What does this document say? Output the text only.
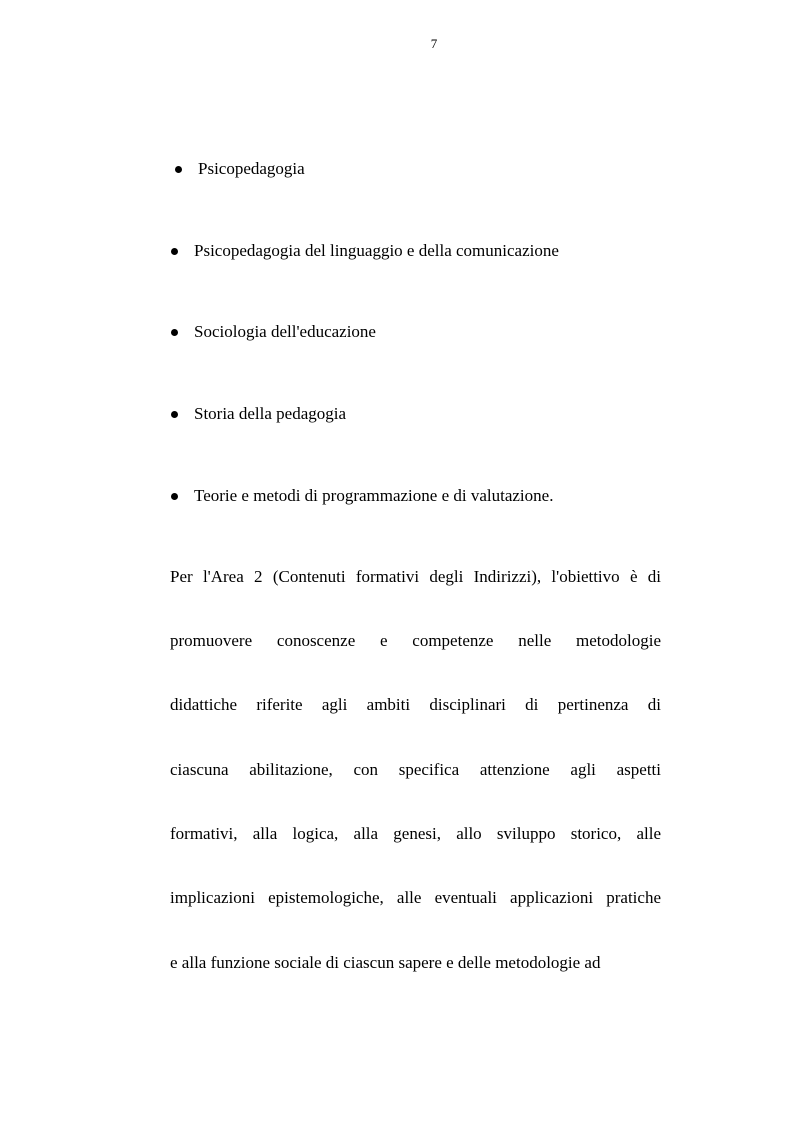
7
Psicopedagogia
Psicopedagogia del linguaggio e della comunicazione
Sociologia dell'educazione
Storia della pedagogia
Teorie e metodi di programmazione e di valutazione.
Per l'Area 2 (Contenuti formativi degli Indirizzi), l'obiettivo è di
promuovere conoscenze e competenze nelle metodologie
didattiche riferite agli ambiti disciplinari di pertinenza di
ciascuna abilitazione, con specifica attenzione agli aspetti
formativi, alla logica, alla genesi, allo sviluppo storico, alle
implicazioni epistemologiche, alle eventuali applicazioni pratiche
e alla funzione sociale di ciascun sapere e delle metodologie ad
